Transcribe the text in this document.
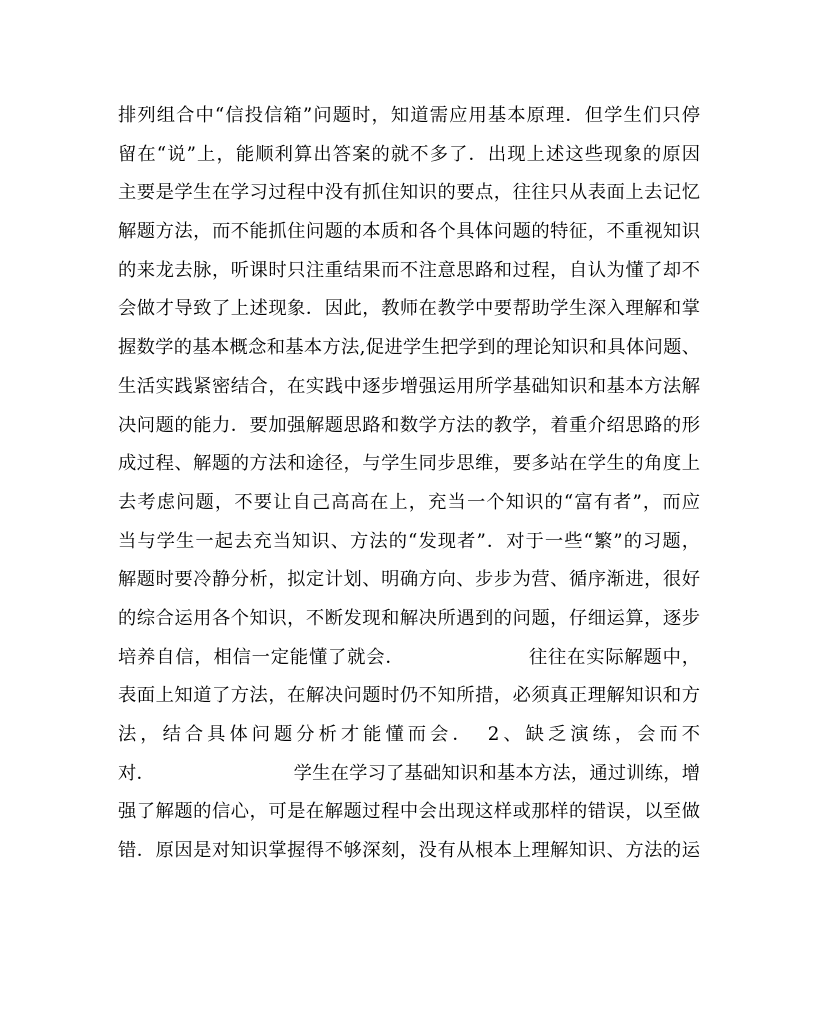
排列组合中“信投信箱”问题时，知道需应用基本原理．但学生们只停
留在“说”上，能顺利算出答案的就不多了．出现上述这些现象的原因
主要是学生在学习过程中没有抓住知识的要点，往往只从表面上去记忆
解题方法，而不能抓住问题的本质和各个具体问题的特征，不重视知识
的来龙去脉，听课时只注重结果而不注意思路和过程，自认为懂了却不
会做才导致了上述现象．因此，教师在教学中要帮助学生深入理解和掌
握数学的基本概念和基本方法,促进学生把学到的理论知识和具体问题、
生活实践紧密结合，在实践中逐步增强运用所学基础知识和基本方法解
决问题的能力．要加强解题思路和数学方法的教学，着重介绍思路的形
成过程、解题的方法和途径，与学生同步思维，要多站在学生的角度上
去考虑问题，不要让自己高高在上，充当一个知识的“富有者”，而应
当与学生一起去充当知识、方法的“发现者”．对于一些“繁”的习题，
解题时要冷静分析，拟定计划、明确方向、步步为营、循序渐进，很好
的综合运用各个知识，不断发现和解决所遇到的问题，仔细运算，逐步
培养自信，相信一定能懂了就会．　　　　　　　往往在实际解题中，
表面上知道了方法，在解决问题时仍不知所措，必须真正理解知识和方
法，结合具体问题分析才能懂而会．　2、缺乏演练，会而不
对．　　　　　　　　学生在学习了基础知识和基本方法，通过训练，增
强了解题的信心，可是在解题过程中会出现这样或那样的错误，以至做
错．原因是对知识掌握得不够深刻，没有从根本上理解知识、方法的运
